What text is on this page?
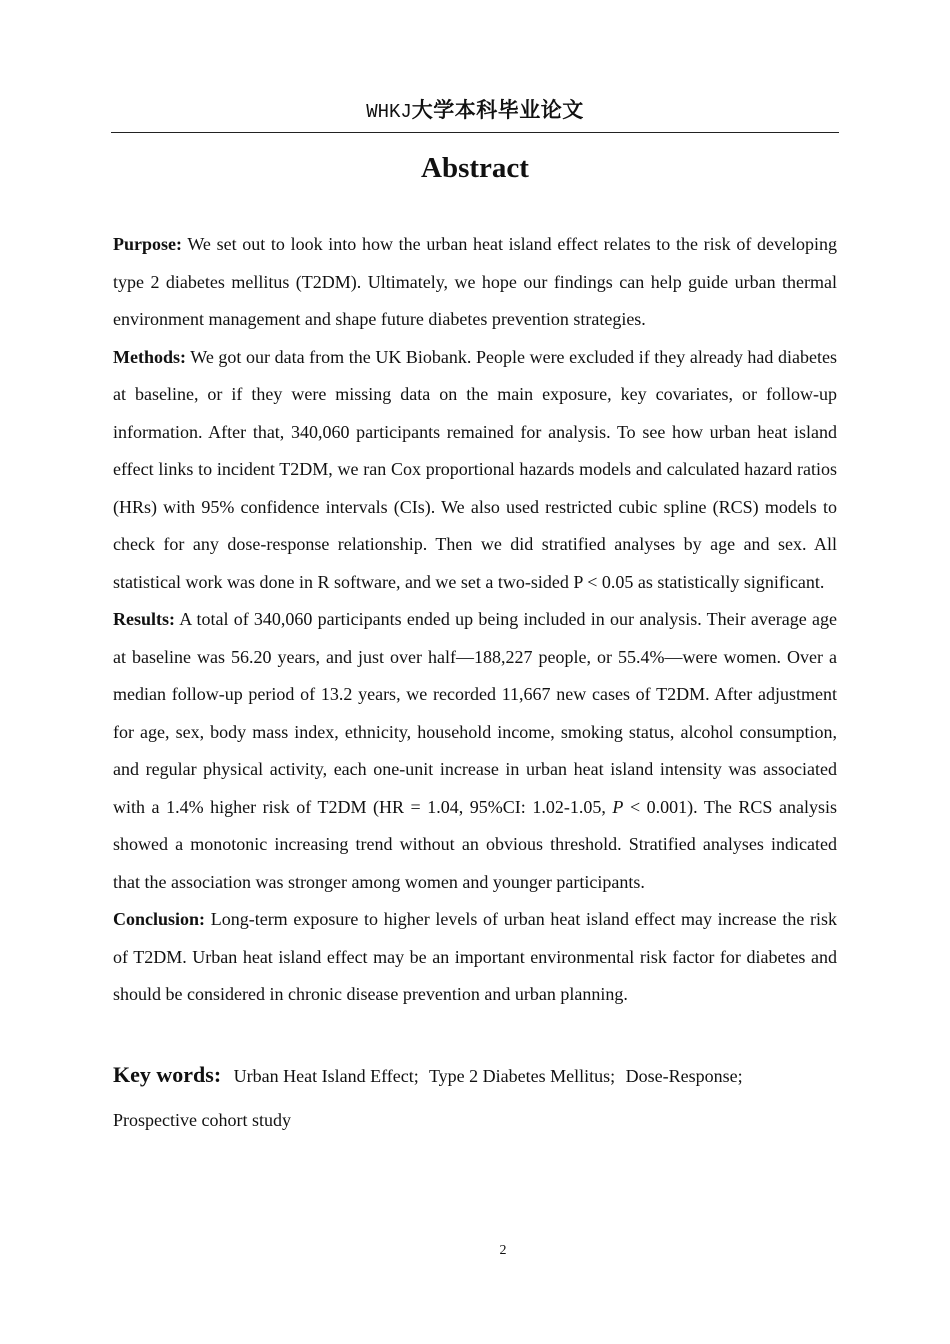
WHKJ大学本科毕业论文
Abstract

Purpose: We set out to look into how the urban heat island effect relates to the risk of developing type 2 diabetes mellitus (T2DM). Ultimately, we hope our findings can help guide urban thermal environment management and shape future diabetes prevention strategies.

Methods: We got our data from the UK Biobank. People were excluded if they already had diabetes at baseline, or if they were missing data on the main exposure, key covariates, or follow-up information. After that, 340,060 participants remained for analysis. To see how urban heat island effect links to incident T2DM, we ran Cox proportional hazards models and calculated hazard ratios (HRs) with 95% confidence intervals (CIs). We also used restricted cubic spline (RCS) models to check for any dose-response relationship. Then we did stratified analyses by age and sex. All statistical work was done in R software, and we set a two-sided P < 0.05 as statistically significant.

Results: A total of 340,060 participants ended up being included in our analysis. Their average age at baseline was 56.20 years, and just over half—188,227 people, or 55.4%—were women. Over a median follow-up period of 13.2 years, we recorded 11,667 new cases of T2DM. After adjustment for age, sex, body mass index, ethnicity, household income, smoking status, alcohol consumption, and regular physical activity, each one-unit increase in urban heat island intensity was associated with a 1.4% higher risk of T2DM (HR = 1.04, 95%CI: 1.02-1.05, P < 0.001). The RCS analysis showed a monotonic increasing trend without an obvious threshold. Stratified analyses indicated that the association was stronger among women and younger participants.

Conclusion: Long-term exposure to higher levels of urban heat island effect may increase the risk of T2DM. Urban heat island effect may be an important environmental risk factor for diabetes and should be considered in chronic disease prevention and urban planning.

Key words: Urban Heat Island Effect; Type 2 Diabetes Mellitus; Dose-Response;
Prospective cohort study
2
